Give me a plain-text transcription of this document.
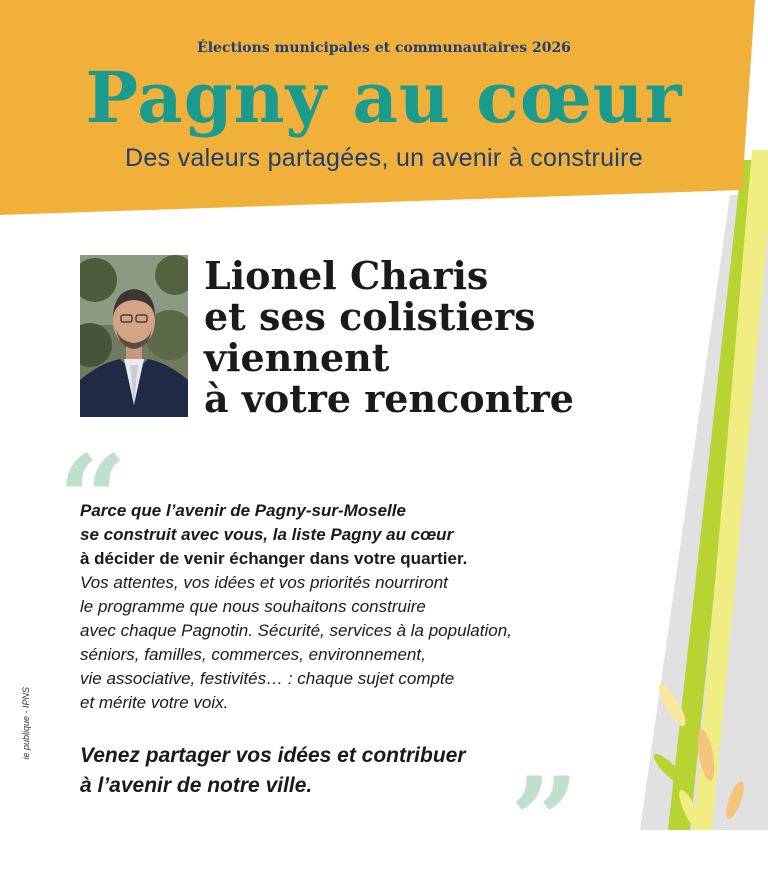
Élections municipales et communautaires 2026
Pagny au cœur
Des valeurs partagées, un avenir à construire
Lionel Charis
et ses colistiers
viennent
à votre rencontre
“
”

Parce que l’avenir de Pagny-sur-Moselle

se construit avec vous, la liste Pagny au cœur

à décider de venir échanger dans votre quartier.

Vos attentes, vos idées et vos priorités nourriront

le programme que nous souhaitons construire

avec chaque Pagnotin. Sécurité, services à la population,

séniors, familles, commerces, environnement,

vie associative, festivités… : chaque sujet compte

et mérite votre voix.

Venez partager vos idées et contribuer

à l’avenir de notre ville.

ie publique - IPNS
